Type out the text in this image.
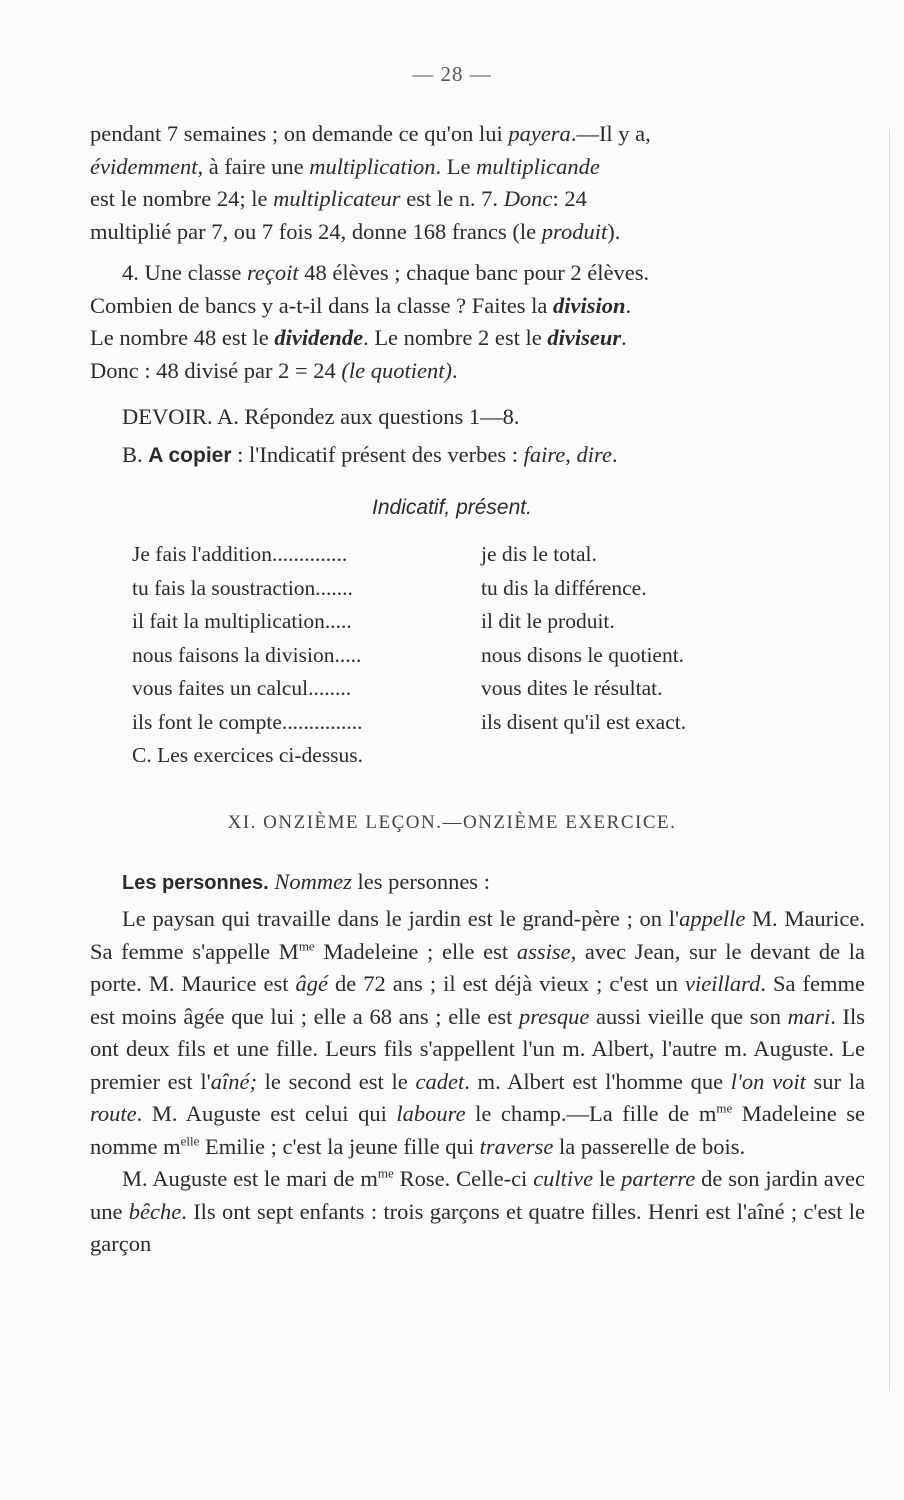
— 28 —

pendant 7 semaines ; on demande ce qu'on lui payera.—Il y a,

évidemment, à faire une multiplication. Le multiplicande

est le nombre 24; le multiplicateur est le n. 7. Donc: 24

multiplié par 7, ou 7 fois 24, donne 168 francs (le produit).

4. Une classe reçoit 48 élèves ; chaque banc pour 2 élèves.

Combien de bancs y a-t-il dans la classe ? Faites la division.

Le nombre 48 est le dividende. Le nombre 2 est le diviseur.

Donc : 48 divisé par 2 = 24 (le quotient).

DEVOIR. A. Répondez aux questions 1—8.

B. A copier : l'Indicatif présent des verbes : faire, dire.

Indicatif, présent.
Je fais l'addition..............	je dis le total.
tu fais la soustraction.......	tu dis la différence.
il fait la multiplication.....	il dit le produit.
nous faisons la division.....	nous disons le quotient.
vous faites un calcul........	vous dites le résultat.
ils font le compte...............	ils disent qu'il est exact.
C. Les exercices ci-dessus.
XI. ONZIÈME LEÇON.—ONZIÈME EXERCICE.

Les personnes. Nommez les personnes :

Le paysan qui travaille dans le jardin est le grand-père ; on l'appelle M. Maurice. Sa femme s'appelle $M^{me}$ Madeleine ; elle est assise, avec Jean, sur le devant de la porte. M. Maurice est âgé de 72 ans ; il est déjà vieux ; c'est un vieillard. Sa femme est moins âgée que lui ; elle a 68 ans ; elle est presque aussi vieille que son mari. Ils ont deux fils et une fille. Leurs fils s'appellent l'un m. Albert, l'autre m. Auguste. Le premier est l'aîné; le second est le cadet. m. Albert est l'homme que l'on voit sur la route. M. Auguste est celui qui laboure le champ.—La fille de $m^{me}$ Madeleine se nomme $m^{elle}$ Emilie ; c'est la jeune fille qui traverse la passerelle de bois.

M. Auguste est le mari de $m^{me}$ Rose. Celle-ci cultive le parterre de son jardin avec une bêche. Ils ont sept enfants : trois garçons et quatre filles. Henri est l'aîné ; c'est le garçon
